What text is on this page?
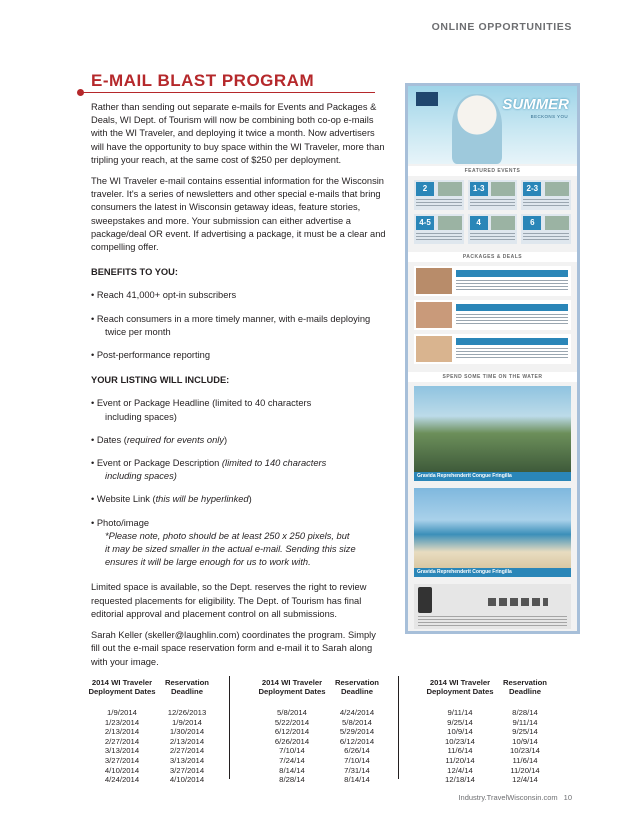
ONLINE OPPORTUNITIES
E-MAIL BLAST PROGRAM

Rather than sending out separate e-mails for Events and Packages & Deals, WI Dept. of Tourism will now be combining both co-op e-mails with the WI Traveler, and deploying it twice a month. Now advertisers will have the opportunity to buy space within the WI Traveler, more than tripling your reach, at the same cost of $250 per deployment.

The WI Traveler e-mail contains essential information for the Wisconsin traveler. It's a series of newsletters and other special e-mails that bring consumers the latest in Wisconsin getaway ideas, feature stories, sweepstakes and more. Your submission can either advertise a package/deal OR event. If advertising a package, it must be a clear and compelling offer.

BENEFITS TO YOU:
• Reach 41,000+ opt-in subscribers
• Reach consumers in a more timely manner, with e-mails deploying
twice per month
• Post-performance reporting
YOUR LISTING WILL INCLUDE:
• Event or Package Headline (limited to 40 characters
including spaces)
• Dates (required for events only)
• Event or Package Description (limited to 140 characters
including spaces)
• Website Link (this will be hyperlinked)
• Photo/image
*Please note, photo should be at least 250 x 250 pixels, but
it may be sized smaller in the actual e-mail. Sending this size
ensures it will be large enough for us to work with.

Limited space is available, so the Dept. reserves the right to review requested placements for eligibility. The Dept. of Tourism has final editorial approval and placement control on all submissions.

Sarah Keller (skeller@laughlin.com) coordinates the program. Simply fill out the e-mail space reservation form and e-mail it to Sarah along with your image.

SUMMER
BECKONS YOU
FEATURED EVENTS
2	1-3	2-3
4-5	4	6
PACKAGES & DEALS
SPEND SOME TIME ON THE WATER
Gravida Reprehenderit Congue Fringilla
Gravida Reprehenderit Congue Fringilla
2014 WI Traveler
Deployment Dates
Reservation
Deadline
1/9/2014	12/26/2013
1/23/2014	1/9/2014
2/13/2014	1/30/2014
2/27/2014	2/13/2014
3/13/2014	2/27/2014
3/27/2014	3/13/2014
4/10/2014	3/27/2014
4/24/2014	4/10/2014
2014 WI Traveler
Deployment Dates
Reservation
Deadline
5/8/2014	4/24/2014
5/22/2014	5/8/2014
6/12/2014	5/29/2014
6/26/2014	6/12/2014
7/10/14	6/26/14
7/24/14	7/10/14
8/14/14	7/31/14
8/28/14	8/14/14
2014 WI Traveler
Deployment Dates
Reservation
Deadline
9/11/14	8/28/14
9/25/14	9/11/14
10/9/14	9/25/14
10/23/14	10/9/14
11/6/14	10/23/14
11/20/14	11/6/14
12/4/14	11/20/14
12/18/14	12/4/14
Industry.TravelWisconsin.com 10
